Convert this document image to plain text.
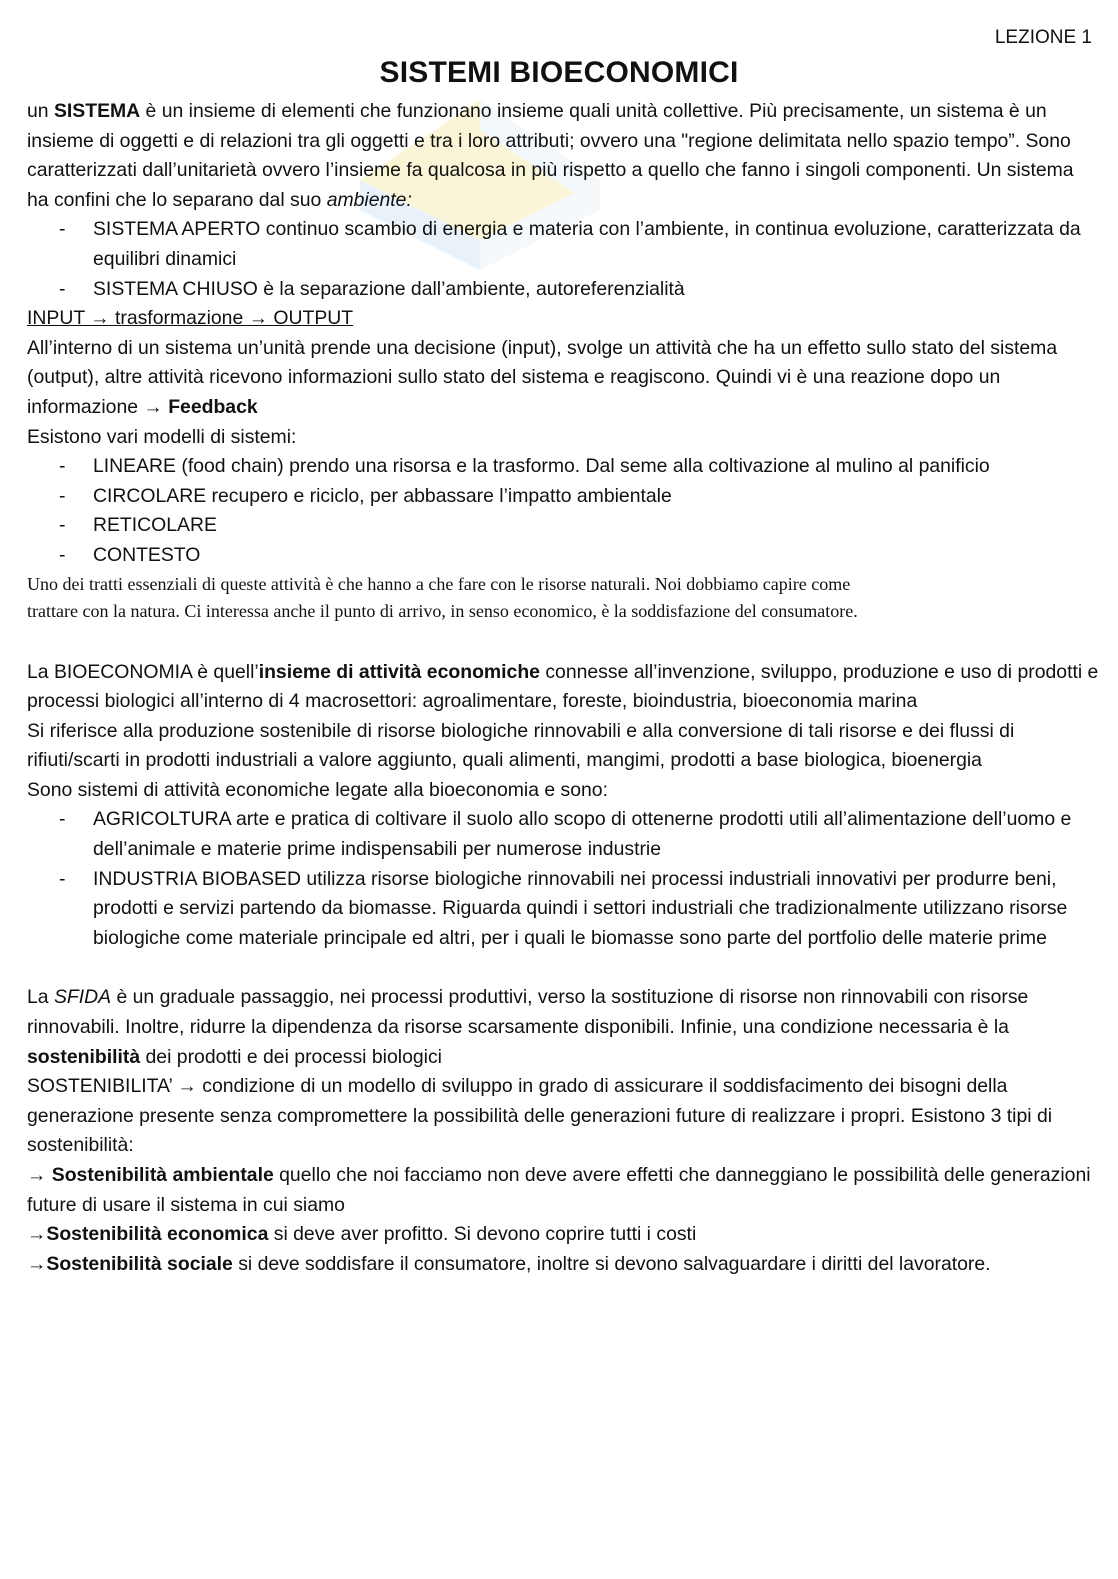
LEZIONE 1
SISTEMI BIOECONOMICI

un SISTEMA è un insieme di elementi che funzionano insieme quali unità collettive. Più precisamente, un sistema è un insieme di oggetti e di relazioni tra gli oggetti e tra i loro attributi; ovvero una "regione delimitata nello spazio tempo”. Sono caratterizzati dall’unitarietà ovvero l’insieme fa qualcosa in più rispetto a quello che fanno i singoli componenti. Un sistema ha confini che lo separano dal suo ambiente:

- SISTEMA APERTO continuo scambio di energia e materia con l’ambiente, in continua evoluzione, caratterizzata da equilibri dinamici
- SISTEMA CHIUSO è la separazione dall’ambiente, autoreferenzialità

INPUT → trasformazione → OUTPUT

All’interno di un sistema un’unità prende una decisione (input), svolge un attività che ha un effetto sullo stato del sistema (output), altre attività ricevono informazioni sullo stato del sistema e reagiscono. Quindi vi è una reazione dopo un informazione → Feedback

Esistono vari modelli di sistemi:

- LINEARE (food chain) prendo una risorsa e la trasformo. Dal seme alla coltivazione al mulino al panificio
- CIRCOLARE recupero e riciclo, per abbassare l’impatto ambientale
- RETICOLARE
- CONTESTO

Uno dei tratti essenziali di queste attività è che hanno a che fare con le risorse naturali. Noi dobbiamo capire come trattare con la natura. Ci interessa anche il punto di arrivo, in senso economico, è la soddisfazione del consumatore.

La BIOECONOMIA è quell’insieme di attività economiche connesse all’invenzione, sviluppo, produzione e uso di prodotti e processi biologici all’interno di 4 macrosettori: agroalimentare, foreste, bioindustria, bioeconomia marina

Si riferisce alla produzione sostenibile di risorse biologiche rinnovabili e alla conversione di tali risorse e dei flussi di rifiuti/scarti in prodotti industriali a valore aggiunto, quali alimenti, mangimi, prodotti a base biologica, bioenergia

Sono sistemi di attività economiche legate alla bioeconomia e sono:

- AGRICOLTURA arte e pratica di coltivare il suolo allo scopo di ottenerne prodotti utili all’alimentazione dell’uomo e dell’animale e materie prime indispensabili per numerose industrie
- INDUSTRIA BIOBASED utilizza risorse biologiche rinnovabili nei processi industriali innovativi per produrre beni, prodotti e servizi partendo da biomasse. Riguarda quindi i settori industriali che tradizionalmente utilizzano risorse biologiche come materiale principale ed altri, per i quali le biomasse sono parte del portfolio delle materie prime

La SFIDA è un graduale passaggio, nei processi produttivi, verso la sostituzione di risorse non rinnovabili con risorse rinnovabili. Inoltre, ridurre la dipendenza da risorse scarsamente disponibili. Infinie, una condizione necessaria è la sostenibilità dei prodotti e dei processi biologici

SOSTENIBILITA’ → condizione di un modello di sviluppo in grado di assicurare il soddisfacimento dei bisogni della generazione presente senza compromettere la possibilità delle generazioni future di realizzare i propri. Esistono 3 tipi di sostenibilità:

→ Sostenibilità ambientale quello che noi facciamo non deve avere effetti che danneggiano le possibilità delle generazioni future di usare il sistema in cui siamo

→Sostenibilità economica si deve aver profitto. Si devono coprire tutti i costi

→Sostenibilità sociale si deve soddisfare il consumatore, inoltre si devono salvaguardare i diritti del lavoratore.
